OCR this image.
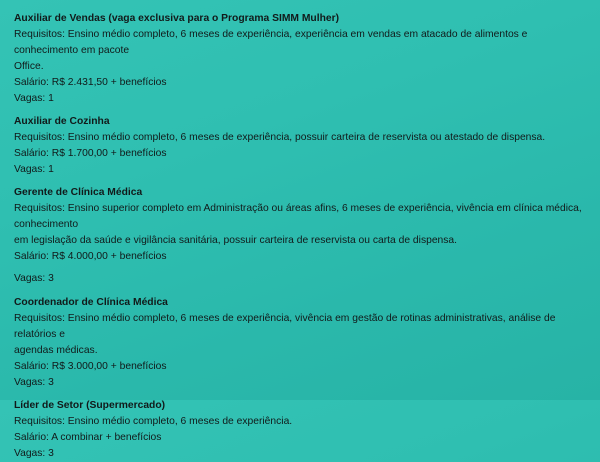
Auxiliar de Vendas (vaga exclusiva para o Programa SIMM Mulher)

Requisitos: Ensino médio completo, 6 meses de experiência, experiência em vendas em atacado de alimentos e conhecimento em pacote
Office.

Salário: R$ 2.431,50 + benefícios

Vagas: 1

Auxiliar de Cozinha

Requisitos: Ensino médio completo, 6 meses de experiência, possuir carteira de reservista ou atestado de dispensa.

Salário: R$ 1.700,00 + benefícios

Vagas: 1

Gerente de Clínica Médica

Requisitos: Ensino superior completo em Administração ou áreas afins, 6 meses de experiência, vivência em clínica médica, conhecimento
em legislação da saúde e vigilância sanitária, possuir carteira de reservista ou carta de dispensa.

Salário: R$ 4.000,00 + benefícios

Vagas: 3

Coordenador de Clínica Médica

Requisitos: Ensino médio completo, 6 meses de experiência, vivência em gestão de rotinas administrativas, análise de relatórios e
agendas médicas.

Salário: R$ 3.000,00 + benefícios

Vagas: 3

Líder de Setor (Supermercado)

Requisitos: Ensino médio completo, 6 meses de experiência.

Salário: A combinar + benefícios

Vagas: 3
